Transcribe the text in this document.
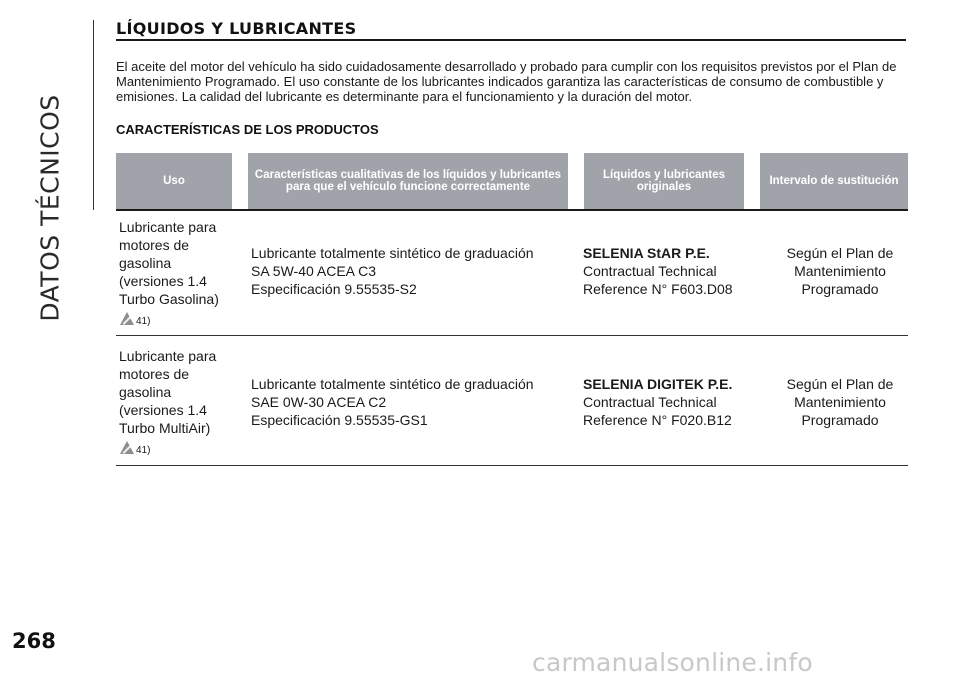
DATOS TÉCNICOS
268
LÍQUIDOS Y LUBRICANTES

El aceite del motor del vehículo ha sido cuidadosamente desarrollado y probado para cumplir con los requisitos previstos por el Plan de Mantenimiento Programado. El uso constante de los lubricantes indicados garantiza las características de consumo de combustible y emisiones. La calidad del lubricante es determinante para el funcionamiento y la duración del motor.

CARACTERÍSTICAS DE LOS PRODUCTOS
Uso	Características cualitativas de los líquidos y lubricantes para que el vehículo funcione correctamente
Líquidos y lubricantes originales	Intervalo de sustitución
Lubricante para
motores de
gasolina
(versiones 1.4
Turbo Gasolina)
41)
Lubricante totalmente sintético de graduación
SA 5W-40 ACEA C3
Especificación 9.55535-S2
SELENIA StAR P.E.
Contractual Technical
Reference N° F603.D08
Según el Plan de
Mantenimiento
Programado
Lubricante para
motores de
gasolina
(versiones 1.4
Turbo MultiAir)
41)
Lubricante totalmente sintético de graduación
SAE 0W-30 ACEA C2
Especificación 9.55535-GS1
SELENIA DIGITEK P.E.
Contractual Technical
Reference N° F020.B12
Según el Plan de
Mantenimiento
Programado
carmanualsonline.info
